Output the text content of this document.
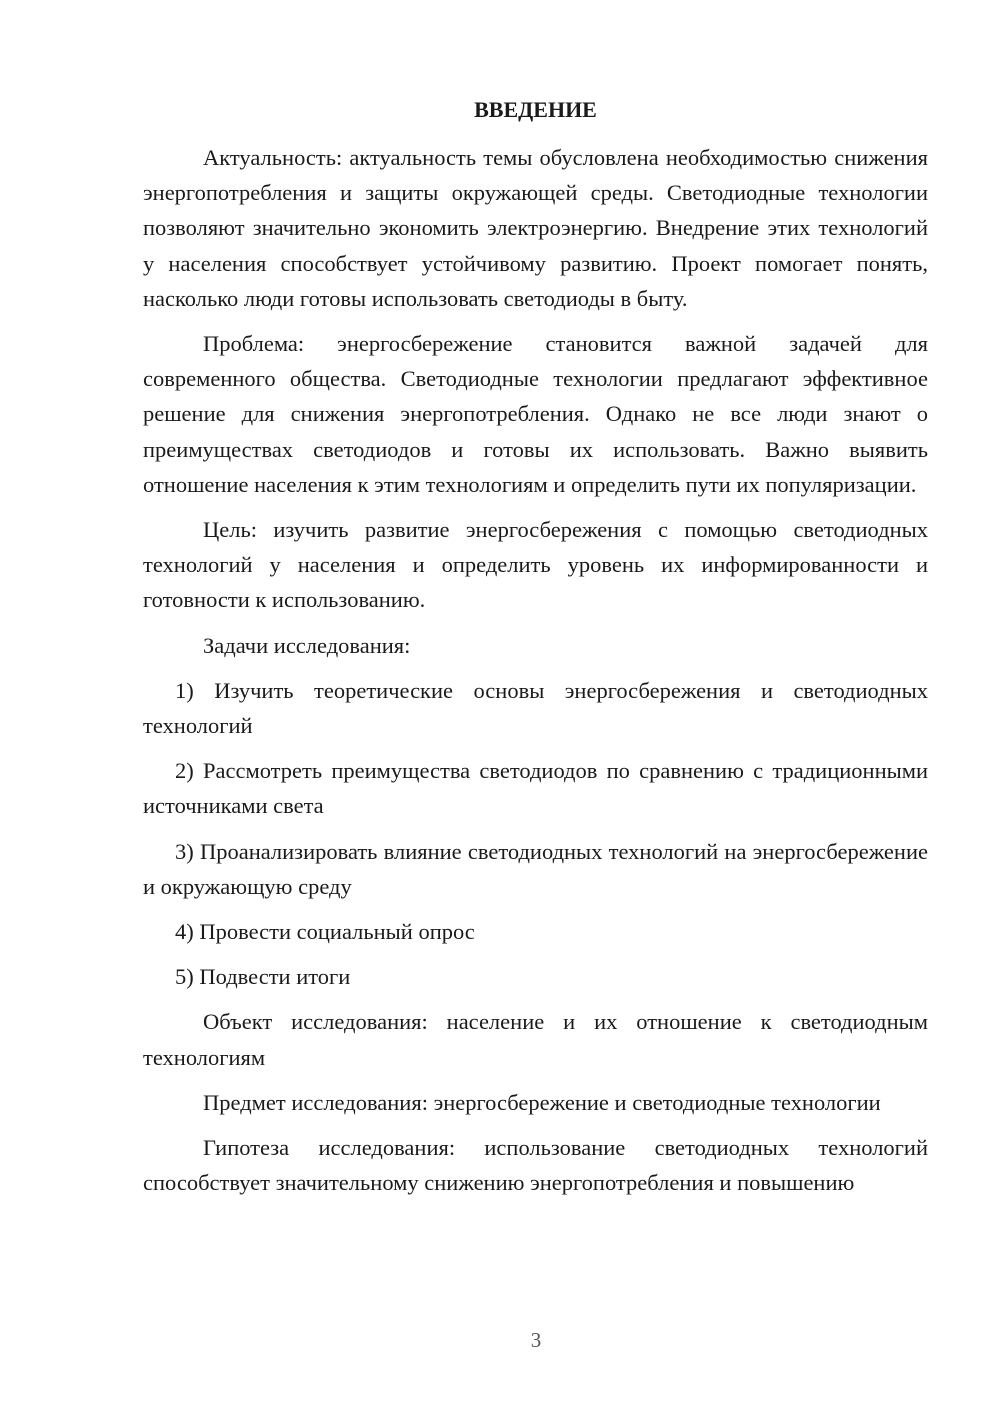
ВВЕДЕНИЕ

Актуальность: актуальность темы обусловлена необходимостью снижения энергопотребления и защиты окружающей среды. Светодиодные технологии позволяют значительно экономить электроэнергию. Внедрение этих технологий у населения способствует устойчивому развитию. Проект помогает понять, насколько люди готовы использовать светодиоды в быту.

Проблема: энергосбережение становится важной задачей для современного общества. Светодиодные технологии предлагают эффективное решение для снижения энергопотребления. Однако не все люди знают о преимуществах светодиодов и готовы их использовать. Важно выявить отношение населения к этим технологиям и определить пути их популяризации.

Цель: изучить развитие энергосбережения с помощью светодиодных технологий у населения и определить уровень их информированности и готовности к использованию.

Задачи исследования:

1) Изучить теоретические основы энергосбережения и светодиодных технологий

2) Рассмотреть преимущества светодиодов по сравнению с традиционными источниками света

3) Проанализировать влияние светодиодных технологий на энергосбережение и окружающую среду

4) Провести социальный опрос

5) Подвести итоги

Объект исследования: население и их отношение к светодиодным технологиям

Предмет исследования: энергосбережение и светодиодные технологии

Гипотеза исследования: использование светодиодных технологий способствует значительному снижению энергопотребления и повышению

3
